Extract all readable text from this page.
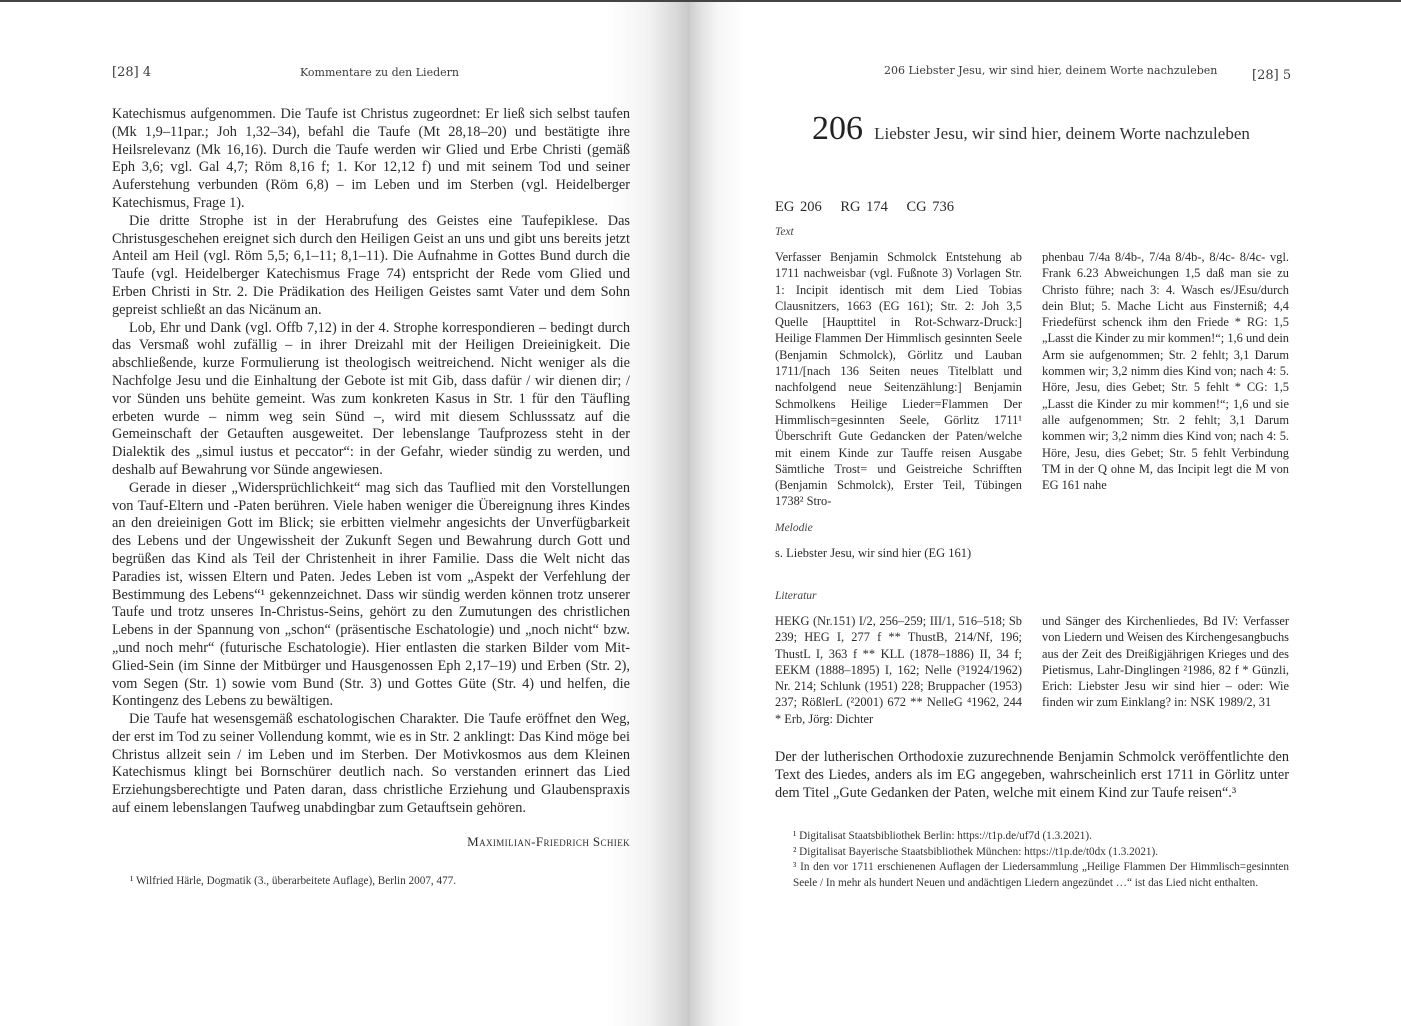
[28] 4	Kommentare zu den Liedern

Katechismus aufgenommen. Die Taufe ist Christus zugeordnet: Er ließ sich selbst taufen (Mk 1,9–11par.; Joh 1,32–34), befahl die Taufe (Mt 28,18–20) und bestätigte ihre Heilsrelevanz (Mk 16,16). Durch die Taufe werden wir Glied und Erbe Christi (gemäß Eph 3,6; vgl. Gal 4,7; Röm 8,16 f; 1. Kor 12,12 f) und mit seinem Tod und seiner Auferstehung verbunden (Röm 6,8) – im Leben und im Sterben (vgl. Heidelberger Katechismus, Frage 1).

Die dritte Strophe ist in der Herabrufung des Geistes eine Taufepiklese. Das Christusgeschehen ereignet sich durch den Heiligen Geist an uns und gibt uns bereits jetzt Anteil am Heil (vgl. Röm 5,5; 6,1–11; 8,1–11). Die Aufnahme in Gottes Bund durch die Taufe (vgl. Heidelberger Katechismus Frage 74) entspricht der Rede vom Glied und Erben Christi in Str. 2. Die Prädikation des Heiligen Geistes samt Vater und dem Sohn gepreist schließt an das Nicänum an.

Lob, Ehr und Dank (vgl. Offb 7,12) in der 4. Strophe korrespondieren – bedingt durch das Versmaß wohl zufällig – in ihrer Dreizahl mit der Heiligen Dreieinigkeit. Die abschließende, kurze Formulierung ist theologisch weitreichend. Nicht weniger als die Nachfolge Jesu und die Einhaltung der Gebote ist mit Gib, dass dafür / wir dienen dir; / vor Sünden uns behüte gemeint. Was zum konkreten Kasus in Str. 1 für den Täufling erbeten wurde – nimm weg sein Sünd –, wird mit diesem Schlusssatz auf die Gemeinschaft der Getauften ausgeweitet. Der lebenslange Taufprozess steht in der Dialektik des „simul iustus et peccator“: in der Gefahr, wieder sündig zu werden, und deshalb auf Bewahrung vor Sünde angewiesen.

Gerade in dieser „Widersprüchlichkeit“ mag sich das Tauflied mit den Vorstellungen von Tauf-Eltern und -Paten berühren. Viele haben weniger die Übereignung ihres Kindes an den dreieinigen Gott im Blick; sie erbitten vielmehr angesichts der Unverfügbarkeit des Lebens und der Ungewissheit der Zukunft Segen und Bewahrung durch Gott und begrüßen das Kind als Teil der Christenheit in ihrer Familie. Dass die Welt nicht das Paradies ist, wissen Eltern und Paten. Jedes Leben ist vom „Aspekt der Verfehlung der Bestimmung des Lebens“¹ gekennzeichnet. Dass wir sündig werden können trotz unserer Taufe und trotz unseres In-Christus-Seins, gehört zu den Zumutungen des christlichen Lebens in der Spannung von „schon“ (präsentische Eschatologie) und „noch nicht“ bzw. „und noch mehr“ (futurische Eschatologie). Hier entlasten die starken Bilder vom Mit-Glied-Sein (im Sinne der Mitbürger und Hausgenossen Eph 2,17–19) und Erben (Str. 2), vom Segen (Str. 1) sowie vom Bund (Str. 3) und Gottes Güte (Str. 4) und helfen, die Kontingenz des Lebens zu bewältigen.

Die Taufe hat wesensgemäß eschatologischen Charakter. Die Taufe eröffnet den Weg, der erst im Tod zu seiner Vollendung kommt, wie es in Str. 2 anklingt: Das Kind möge bei Christus allzeit sein / im Leben und im Sterben. Der Motivkosmos aus dem Kleinen Katechismus klingt bei Bornschürer deutlich nach. So verstanden erinnert das Lied Erziehungsberechtigte und Paten daran, dass christliche Erziehung und Glaubenspraxis auf einem lebenslangen Taufweg unabdingbar zum Getauftsein gehören.

Maximilian-Friedrich Schiek
¹ Wilfried Härle, Dogmatik (3., überarbeitete Auflage), Berlin 2007, 477.
206 Liebster Jesu, wir sind hier, deinem Worte nachzuleben	[28] 5
206 Liebster Jesu, wir sind hier, deinem Worte nachzuleben
EG 206 RG 174 CG 736
Text
Verfasser Benjamin Schmolck Entstehung ab 1711 nachweisbar (vgl. Fußnote 3) Vorlagen Str. 1: Incipit identisch mit dem Lied Tobias Clausnitzers, 1663 (EG 161); Str. 2: Joh 3,5 Quelle [Haupttitel in Rot-Schwarz-Druck:] Heilige Flammen Der Himmlisch gesinnten Seele (Benjamin Schmolck), Görlitz und Lauban 1711/[nach 136 Seiten neues Titelblatt und nachfolgend neue Seitenzählung:] Benjamin Schmolkens Heilige Lieder=Flammen Der Himmlisch=gesinnten Seele, Görlitz 1711¹ Überschrift Gute Gedancken der Paten/welche mit einem Kinde zur Tauffe reisen Ausgabe Sämtliche Trost= und Geistreiche Schrifften (Benjamin Schmolck), Erster Teil, Tübingen 1738² Stro-
phenbau 7/4a 8/4b-, 7/4a 8/4b-, 8/4c- 8/4c- vgl. Frank 6.23 Abweichungen 1,5 daß man sie zu Christo führe; nach 3: 4. Wasch es/JEsu/durch dein Blut; 5. Mache Licht aus Finsterniß; 4,4 Friedefürst schenck ihm den Friede * RG: 1,5 „Lasst die Kinder zu mir kommen!“; 1,6 und dein Arm sie aufgenommen; Str. 2 fehlt; 3,1 Darum kommen wir; 3,2 nimm dies Kind von; nach 4: 5. Höre, Jesu, dies Gebet; Str. 5 fehlt * CG: 1,5 „Lasst die Kinder zu mir kommen!“; 1,6 und sie alle aufgenommen; Str. 2 fehlt; 3,1 Darum kommen wir; 3,2 nimm dies Kind von; nach 4: 5. Höre, Jesu, dies Gebet; Str. 5 fehlt Verbindung TM in der Q ohne M, das Incipit legt die M von EG 161 nahe
Melodie
s. Liebster Jesu, wir sind hier (EG 161)
Literatur
HEKG (Nr.151) I/2, 256–259; III/1, 516–518; Sb 239; HEG I, 277 f ** ThustB, 214/Nf, 196; ThustL I, 363 f ** KLL (1878–1886) II, 34 f; EEKM (1888–1895) I, 162; Nelle (³1924/1962) Nr. 214; Schlunk (1951) 228; Bruppacher (1953) 237; RößlerL (²2001) 672 ** NelleG ⁴1962, 244 * Erb, Jörg: Dichter
und Sänger des Kirchenliedes, Bd IV: Verfasser von Liedern und Weisen des Kirchengesangbuchs aus der Zeit des Dreißigjährigen Krieges und des Pietismus, Lahr-Dinglingen ²1986, 82 f * Günzli, Erich: Liebster Jesu wir sind hier – oder: Wie finden wir zum Einklang? in: NSK 1989/2, 31
Der der lutherischen Orthodoxie zuzurechnende Benjamin Schmolck veröffentlichte den Text des Liedes, anders als im EG angegeben, wahrscheinlich erst 1711 in Görlitz unter dem Titel „Gute Gedanken der Paten, welche mit einem Kind zur Taufe reisen“.³

¹ Digitalisat Staatsbibliothek Berlin: https://t1p.de/uf7d (1.3.2021).

² Digitalisat Bayerische Staatsbibliothek München: https://t1p.de/t0dx (1.3.2021).

³ In den vor 1711 erschienenen Auflagen der Liedersammlung „Heilige Flammen Der Himmlisch=gesinnten Seele / In mehr als hundert Neuen und andächtigen Liedern angezündet …“ ist das Lied nicht enthalten.
